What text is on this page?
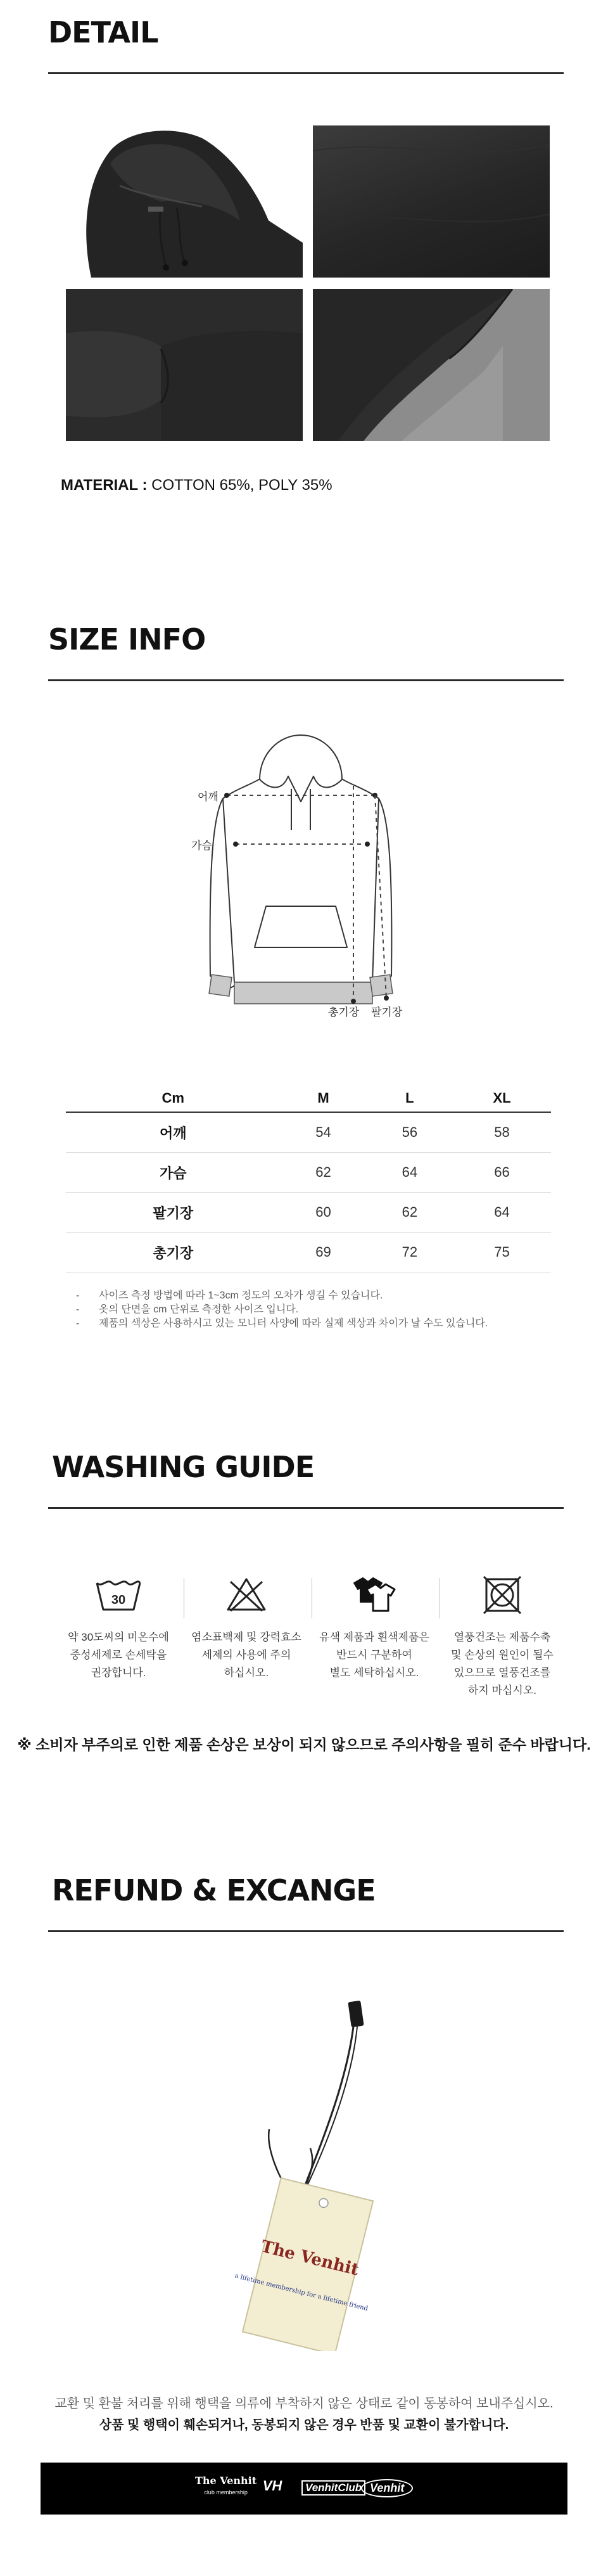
DETAIL
MATERIAL : COTTON 65%, POLY 35%
SIZE INFO
어깨
가슴
총기장 팔기장
Cm	M	L	XL
어깨	54	56	58
가슴	62	64	66
팔기장	60	62	64
총기장	69	72	75
- 사이즈 측정 방법에 따라 1~3cm 정도의 오차가 생길 수 있습니다.
- 옷의 단면을 cm 단위로 측정한 사이즈 입니다.
- 제품의 색상은 사용하시고 있는 모니터 사양에 따라 실제 색상과 차이가 날 수도 있습니다.
WASHING GUIDE
30
약 30도씨의 미온수에
중성세제로 손세탁을
권장합니다.
염소표백제 및 강력효소
세제의 사용에 주의
하십시오.
유색 제품과 흰색제품은
반드시 구분하여
별도 세탁하십시오.
열풍건조는 제품수축
및 손상의 원인이 될수
있으므로 열풍건조를
하지 마십시오.
※ 소비자 부주의로 인한 제품 손상은 보상이 되지 않으므로 주의사항을 필히 준수 바랍니다.
REFUND & EXCANGE
The Venhit
a lifetime membership for a lifetime friend
교환 및 환불 처리를 위해 행택을 의류에 부착하지 않은 상태로 같이 동봉하여 보내주십시오.
상품 및 행택이 훼손되거나, 동봉되지 않은 경우 반품 및 교환이 불가합니다.
The Venhit
club membership	VH	VenhitClub Venhit
